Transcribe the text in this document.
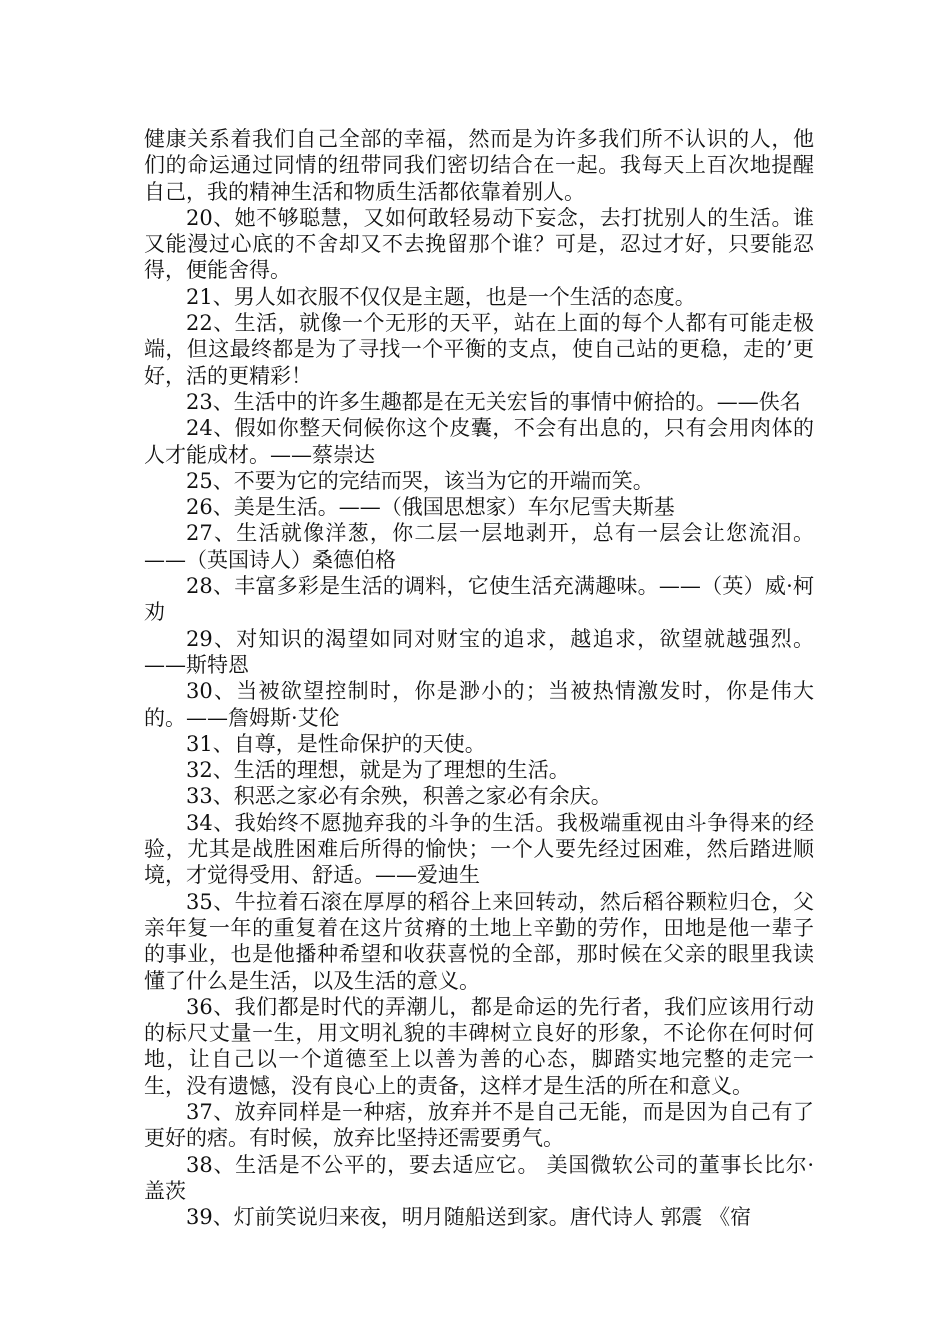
健康关系着我们自己全部的幸福，然而是为许多我们所不认识的人，他们的命运通过同情的纽带同我们密切结合在一起。我每天上百次地提醒自己，我的精神生活和物质生活都依靠着别人。

20、她不够聪慧，又如何敢轻易动下妄念，去打扰别人的生活。谁又能漫过心底的不舍却又不去挽留那个谁？可是，忍过才好，只要能忍得，便能舍得。

21、男人如衣服不仅仅是主题，也是一个生活的态度。

22、生活，就像一个无形的天平，站在上面的每个人都有可能走极端，但这最终都是为了寻找一个平衡的支点，使自己站的更稳，走的’更好，活的更精彩！

23、生活中的许多生趣都是在无关宏旨的事情中俯拾的。——佚名

24、假如你整天伺候你这个皮囊，不会有出息的，只有会用肉体的人才能成材。——蔡崇达

25、不要为它的完结而哭，该当为它的开端而笑。

26、美是生活。——（俄国思想家）车尔尼雪夫斯基

27、生活就像洋葱，你二层一层地剥开，总有一层会让您流泪。——（英国诗人）桑德伯格

28、丰富多彩是生活的调料，它使生活充满趣味。——（英）威·柯劝

29、对知识的渴望如同对财宝的追求，越追求，欲望就越强烈。——斯特恩

30、当被欲望控制时，你是渺小的；当被热情激发时，你是伟大的。——詹姆斯·艾伦

31、自尊，是性命保护的天使。

32、生活的理想，就是为了理想的生活。

33、积恶之家必有余殃，积善之家必有余庆。

34、我始终不愿抛弃我的斗争的生活。我极端重视由斗争得来的经验，尤其是战胜困难后所得的愉快；一个人要先经过困难，然后踏进顺境，才觉得受用、舒适。——爱迪生

35、牛拉着石滚在厚厚的稻谷上来回转动，然后稻谷颗粒归仓，父亲年复一年的重复着在这片贫瘠的土地上辛勤的劳作，田地是他一辈子的事业，也是他播种希望和收获喜悦的全部，那时候在父亲的眼里我读懂了什么是生活，以及生活的意义。

36、我们都是时代的弄潮儿，都是命运的先行者，我们应该用行动的标尺丈量一生，用文明礼貌的丰碑树立良好的形象，不论你在何时何地，让自己以一个道德至上以善为善的心态，脚踏实地完整的走完一生，没有遗憾，没有良心上的责备，这样才是生活的所在和意义。

37、放弃同样是一种痞，放弃并不是自己无能，而是因为自己有了更好的痞。有时候，放弃比坚持还需要勇气。

38、生活是不公平的，要去适应它。 美国微软公司的董事长比尔·盖茨

39、灯前笑说归来夜，明月随船送到家。唐代诗人 郭震 《宿
